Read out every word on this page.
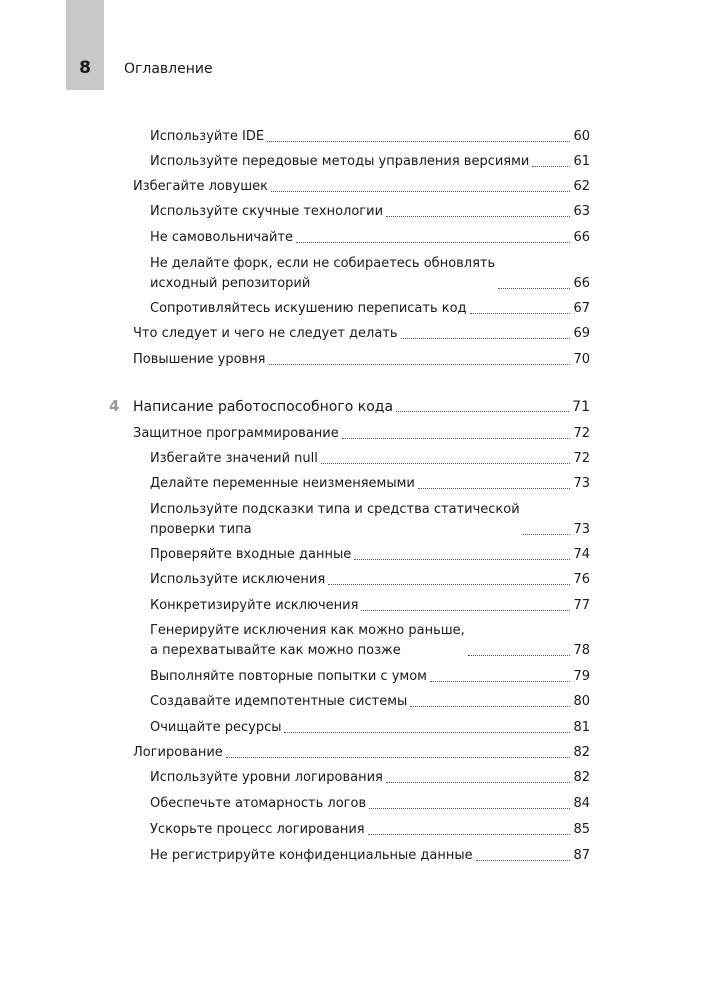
8 Оглавление
4
Используйте IDE	60
Используйте передовые методы управления версиями	61
Избегайте ловушек	62
Используйте скучные технологии	63
Не самовольничайте	66
Не делайте форк, если не собираетесь обновлять
исходный репозиторий	66
Сопротивляйтесь искушению переписать код	67
Что следует и чего не следует делать	69
Повышение уровня	70
Написание работоспособного кода	71
Защитное программирование	72
Избегайте значений null	72
Делайте переменные неизменяемыми	73
Используйте подсказки типа и средства статической
проверки типа	73
Проверяйте входные данные	74
Используйте исключения	76
Конкретизируйте исключения	77
Генерируйте исключения как можно раньше,
а перехватывайте как можно позже	78
Выполняйте повторные попытки с умом	79
Создавайте идемпотентные системы	80
Очищайте ресурсы	81
Логирование	82
Используйте уровни логирования	82
Обеспечьте атомарность логов	84
Ускорьте процесс логирования	85
Не регистрируйте конфиденциальные данные	87
